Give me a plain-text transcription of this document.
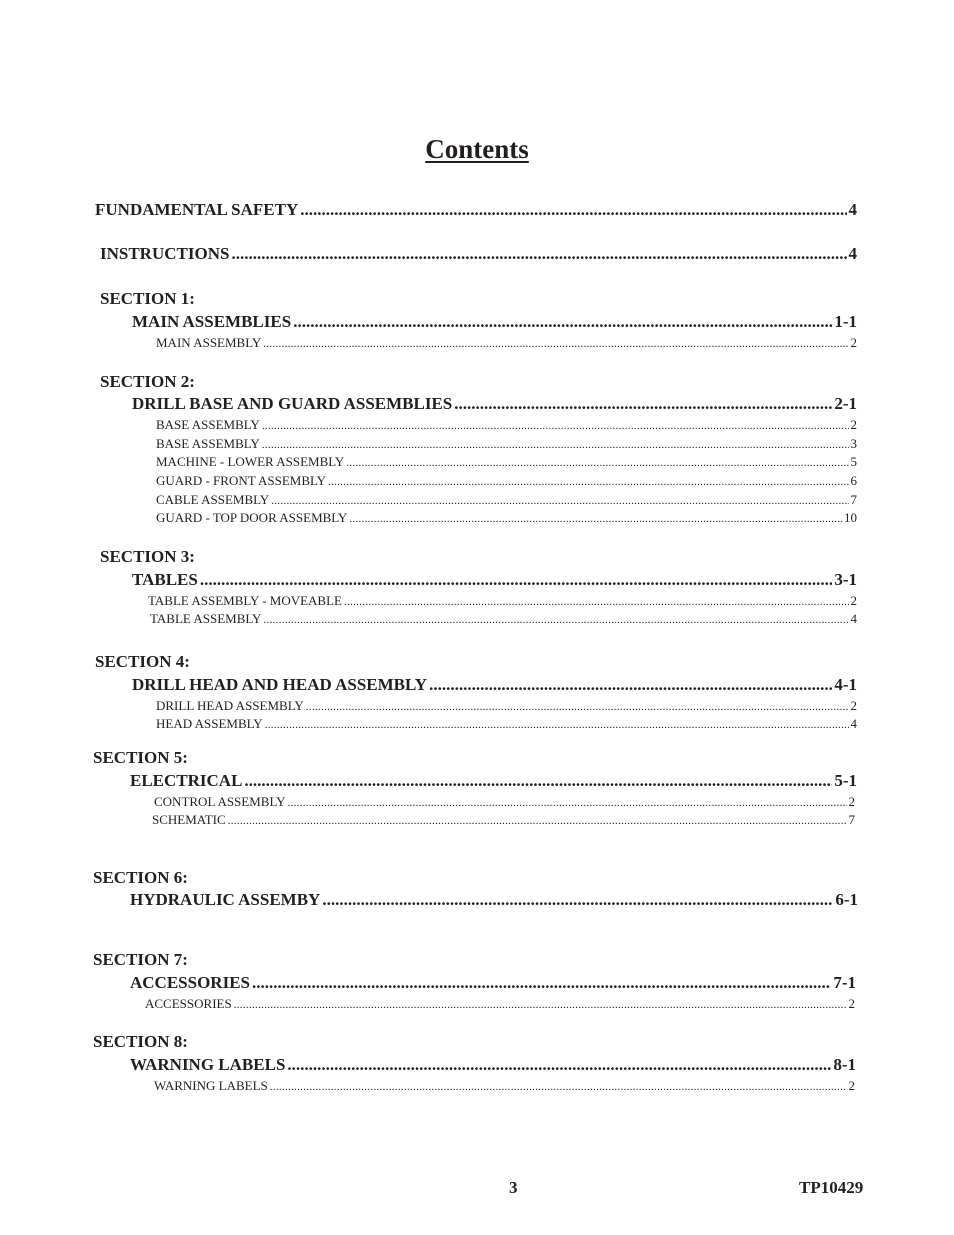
Contents
FUNDAMENTAL SAFETY .....	4
INSTRUCTIONS .....	4
SECTION 1:
MAIN ASSEMBLIES .....	1-1
MAIN ASSEMBLY .....	2
SECTION 2:
DRILL BASE AND GUARD ASSEMBLIES .....	2-1
BASE ASSEMBLY .....	2
BASE ASSEMBLY .....	3
MACHINE - LOWER ASSEMBLY .....	5
GUARD - FRONT ASSEMBLY .....	6
CABLE ASSEMBLY .....	7
GUARD - TOP DOOR ASSEMBLY .....	10
SECTION 3:
TABLES .....	3-1
TABLE ASSEMBLY - MOVEABLE .....	2
TABLE ASSEMBLY .....	4
SECTION 4:
DRILL HEAD AND HEAD ASSEMBLY .....	4-1
DRILL HEAD ASSEMBLY .....	2
HEAD ASSEMBLY .....	4
SECTION 5:
ELECTRICAL .....	5-1
CONTROL ASSEMBLY .....	2
SCHEMATIC .....	7
SECTION 6:
HYDRAULIC ASSEMBY .....	6-1
SECTION 7:
ACCESSORIES .....	7-1
ACCESSORIES .....	2
SECTION 8:
WARNING LABELS .....	8-1
WARNING LABELS .....	2
3	TP10429
